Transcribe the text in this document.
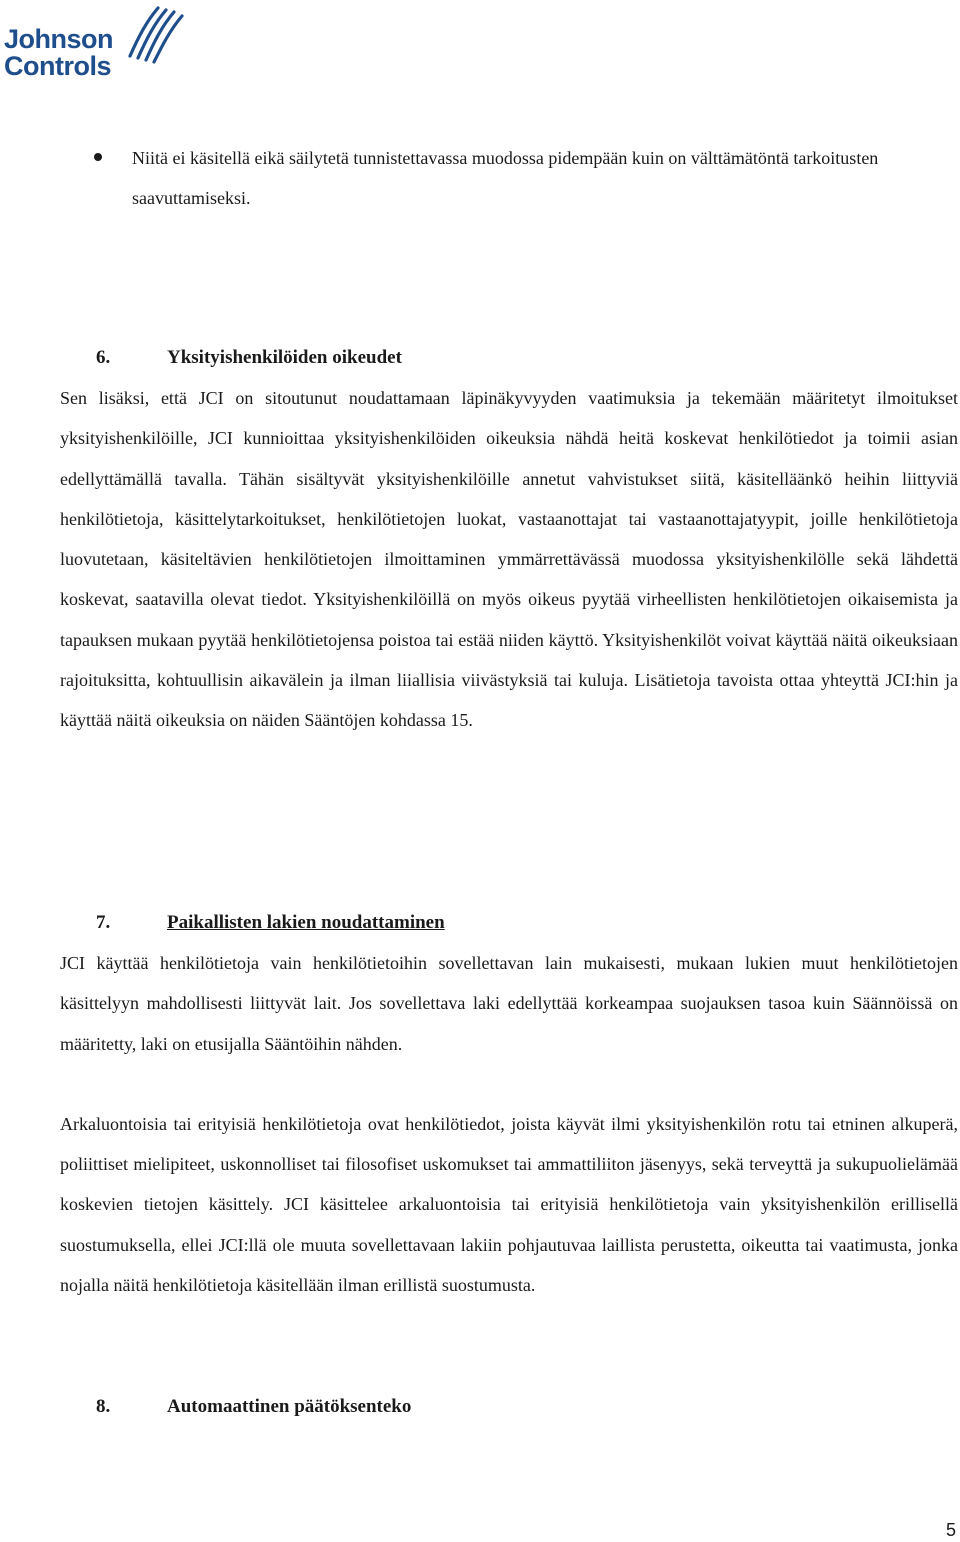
Johnson
Controls
Niitä ei käsitellä eikä säilytetä tunnistettavassa muodossa pidempään kuin on välttämätöntä tarkoitusten saavuttamiseksi.
6.	Yksityishenkilöiden oikeudet

Sen lisäksi, että JCI on sitoutunut noudattamaan läpinäkyvyyden vaatimuksia ja tekemään määritetyt ilmoitukset yksityishenkilöille, JCI kunnioittaa yksityishenkilöiden oikeuksia nähdä heitä koskevat henkilötiedot ja toimii asian edellyttämällä tavalla. Tähän sisältyvät yksityishenkilöille annetut vahvistukset siitä, käsitelläänkö heihin liittyviä henkilötietoja, käsittelytarkoitukset, henkilötietojen luokat, vastaanottajat tai vastaanottajatyypit, joille henkilötietoja luovutetaan, käsiteltävien henkilötietojen ilmoittaminen ymmärrettävässä muodossa yksityishenkilölle sekä lähdettä koskevat, saatavilla olevat tiedot. Yksityishenkilöillä on myös oikeus pyytää virheellisten henkilötietojen oikaisemista ja tapauksen mukaan pyytää henkilötietojensa poistoa tai estää niiden käyttö. Yksityishenkilöt voivat käyttää näitä oikeuksiaan rajoituksitta, kohtuullisin aikavälein ja ilman liiallisia viivästyksiä tai kuluja. Lisätietoja tavoista ottaa yhteyttä JCI:hin ja käyttää näitä oikeuksia on näiden Sääntöjen kohdassa 15.

7.	Paikallisten lakien noudattaminen

JCI käyttää henkilötietoja vain henkilötietoihin sovellettavan lain mukaisesti, mukaan lukien muut henkilötietojen käsittelyyn mahdollisesti liittyvät lait. Jos sovellettava laki edellyttää korkeampaa suojauksen tasoa kuin Säännöissä on määritetty, laki on etusijalla Sääntöihin nähden.

Arkaluontoisia tai erityisiä henkilötietoja ovat henkilötiedot, joista käyvät ilmi yksityishenkilön rotu tai etninen alkuperä, poliittiset mielipiteet, uskonnolliset tai filosofiset uskomukset tai ammattiliiton jäsenyys, sekä terveyttä ja sukupuolielämää koskevien tietojen käsittely. JCI käsittelee arkaluontoisia tai erityisiä henkilötietoja vain yksityishenkilön erillisellä suostumuksella, ellei JCI:llä ole muuta sovellettavaan lakiin pohjautuvaa laillista perustetta, oikeutta tai vaatimusta, jonka nojalla näitä henkilötietoja käsitellään ilman erillistä suostumusta.

8.	Automaattinen päätöksenteko
5
